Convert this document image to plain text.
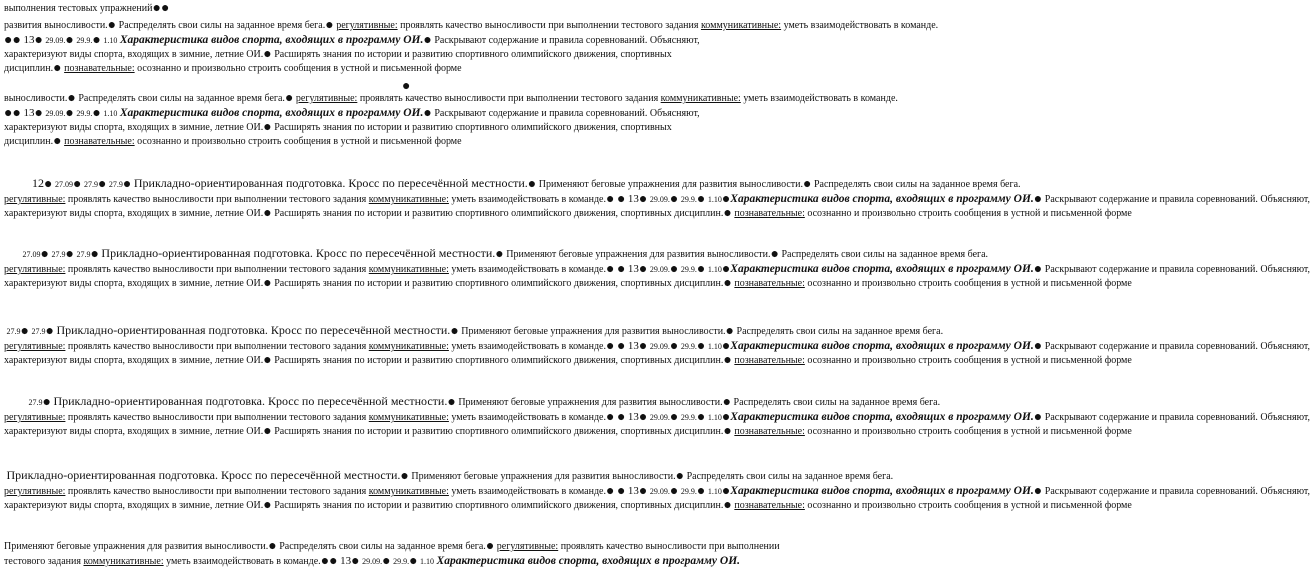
выполнения тестовых упражнений●●
развития выносливости.● Распределять свои силы на заданное время бега.● регулятивные: проявлять качество выносливости при выполнении тестового задания коммуникативные: уметь взаимодействовать в команде.
●● 13● 29.09.● 29.9.● 1.10 Характеристика видов спорта, входящих в программу ОИ.● Раскрывают содержание и правила соревнований. Объясняют,
характеризуют виды спорта, входящих в зимние, летние ОИ.● Расширять знания по истории и развитию спортивного олимпийского движения, спортивных
дисциплин.● познавательные: осознанно и произвольно строить сообщения в устной и письменной форме
●
выносливости.● Распределять свои силы на заданное время бега.● регулятивные: проявлять качество выносливости при выполнении тестового задания коммуникативные: уметь взаимодействовать в команде.
●● 13● 29.09.● 29.9.● 1.10 Характеристика видов спорта, входящих в программу ОИ.● Раскрывают содержание и правила соревнований. Объясняют,
характеризуют виды спорта, входящих в зимние, летние ОИ.● Расширять знания по истории и развитию спортивного олимпийского движения, спортивных
дисциплин.● познавательные: осознанно и произвольно строить сообщения в устной и письменной форме
12● 27.09● 27.9● 27.9● Прикладно-ориентированная подготовка. Кросс по пересечённой местности.● Применяют беговые упражнения для развития выносливости.● Распределять свои силы на заданное время бега.
регулятивные: проявлять качество выносливости при выполнении тестового задания коммуникативные: уметь взаимодействовать в команде.● ● 13● 29.09.● 29.9.● 1.10●Характеристика видов спорта, входящих в программу ОИ.● Раскрывают содержание и правила соревнований. Объясняют,
характеризуют виды спорта, входящих в зимние, летние ОИ.● Расширять знания по истории и развитию спортивного олимпийского движения, спортивных дисциплин.● познавательные: осознанно и произвольно строить сообщения в устной и письменной форме
27.09● 27.9● 27.9● Прикладно-ориентированная подготовка. Кросс по пересечённой местности.● Применяют беговые упражнения для развития выносливости.● Распределять свои силы на заданное время бега.
регулятивные: проявлять качество выносливости при выполнении тестового задания коммуникативные: уметь взаимодействовать в команде.● ● 13● 29.09.● 29.9.● 1.10●Характеристика видов спорта, входящих в программу ОИ.● Раскрывают содержание и правила соревнований. Объясняют,
характеризуют виды спорта, входящих в зимние, летние ОИ.● Расширять знания по истории и развитию спортивного олимпийского движения, спортивных дисциплин.● познавательные: осознанно и произвольно строить сообщения в устной и письменной форме
27.9● 27.9● Прикладно-ориентированная подготовка. Кросс по пересечённой местности.● Применяют беговые упражнения для развития выносливости.● Распределять свои силы на заданное время бега.
регулятивные: проявлять качество выносливости при выполнении тестового задания коммуникативные: уметь взаимодействовать в команде.● ● 13● 29.09.● 29.9.● 1.10●Характеристика видов спорта, входящих в программу ОИ.● Раскрывают содержание и правила соревнований. Объясняют,
характеризуют виды спорта, входящих в зимние, летние ОИ.● Расширять знания по истории и развитию спортивного олимпийского движения, спортивных дисциплин.● познавательные: осознанно и произвольно строить сообщения в устной и письменной форме
27.9● Прикладно-ориентированная подготовка. Кросс по пересечённой местности.● Применяют беговые упражнения для развития выносливости.● Распределять свои силы на заданное время бега.
регулятивные: проявлять качество выносливости при выполнении тестового задания коммуникативные: уметь взаимодействовать в команде.● ● 13● 29.09.● 29.9.● 1.10●Характеристика видов спорта, входящих в программу ОИ.● Раскрывают содержание и правила соревнований. Объясняют,
характеризуют виды спорта, входящих в зимние, летние ОИ.● Расширять знания по истории и развитию спортивного олимпийского движения, спортивных дисциплин.● познавательные: осознанно и произвольно строить сообщения в устной и письменной форме
Прикладно-ориентированная подготовка. Кросс по пересечённой местности.● Применяют беговые упражнения для развития выносливости.● Распределять свои силы на заданное время бега.
регулятивные: проявлять качество выносливости при выполнении тестового задания коммуникативные: уметь взаимодействовать в команде.● ● 13● 29.09.● 29.9.● 1.10●Характеристика видов спорта, входящих в программу ОИ.● Раскрывают содержание и правила соревнований. Объясняют,
характеризуют виды спорта, входящих в зимние, летние ОИ.● Расширять знания по истории и развитию спортивного олимпийского движения, спортивных дисциплин.● познавательные: осознанно и произвольно строить сообщения в устной и письменной форме
Применяют беговые упражнения для развития выносливости.● Распределять свои силы на заданное время бега.● регулятивные: проявлять качество выносливости при выполнении
тестового задания коммуникативные: уметь взаимодействовать в команде.●● 13● 29.09.● 29.9.● 1.10 Характеристика видов спорта, входящих в программу ОИ.
